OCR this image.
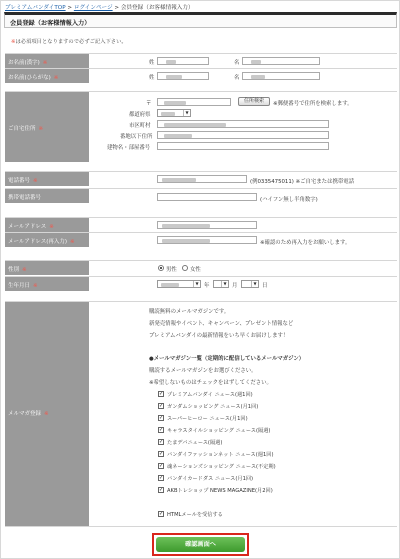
プレミアムバンダイTOP > ログインページ > 会員登録（お客様情報入力）
会員登録（お客様情報入力）
※は必須項目となりますので必ずご記入下さい。
お名前(漢字) ※	姓	名
お名前(ひらがな) ※	姓	名
ご自宅住所 ※
〒	住所検索	※郵便番号で住所を検索します。
都道府県	▼
市区町村
番地以下住所
建物名・部屋番号
電話番号 ※	(例0335475011) ※ご自宅または携帯電話
携帯電話番号	(ハイフン無し半角数字)
メールアドレス ※
メールアドレス(再入力) ※	※確認のため再入力をお願いします。
性別 ※	男性 女性
生年月日 ※	▼ 年	▼ 月	▼ 日
メルマガ登録 ※
購読無料のメールマガジンです。
新発売情報やイベント、キャンペーン、プレゼント情報など
プレミアムバンダイの最新情報をいち早くお届けします！
●メールマガジン一覧（定期的に配信しているメールマガジン）
購読するメールマガジンをお選びください。
※希望しないものはチェックをはずしてください。
✓ プレミアムバンダイ ニュース(週1回)
✓ ガンダムショッピング ニュース(月1回)
✓ スーパーヒーロー ニュース(月1回)
✓ キャラスタイルショッピング ニュース(隔週)
✓ たまデバニュース(隔週)
✓ バンダイファッションネット ニュース(週1回)
✓ 魂ネーションズショッピング ニュース(不定期)
✓ バンダイカードダス ニュース(月1回)
✓ AKBトレショップ NEWS MAGAZINE(月2回)
✓ HTMLメールを受信する
確認画面へ
